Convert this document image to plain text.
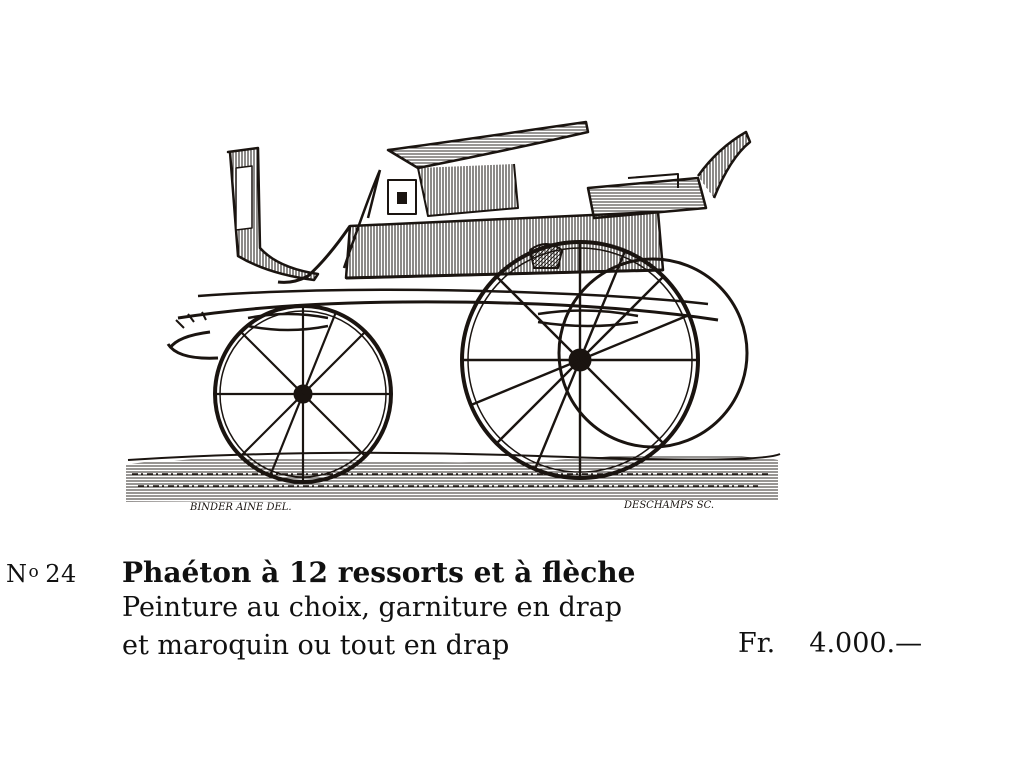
BINDER AINE DEL.	DESCHAMPS SC.
$N^o$ 24 Phaéton à 12 ressorts et à flèche
Peinture au choix, garniture en drap
et maroquin ou tout en drap	Fr. 4.000.—
